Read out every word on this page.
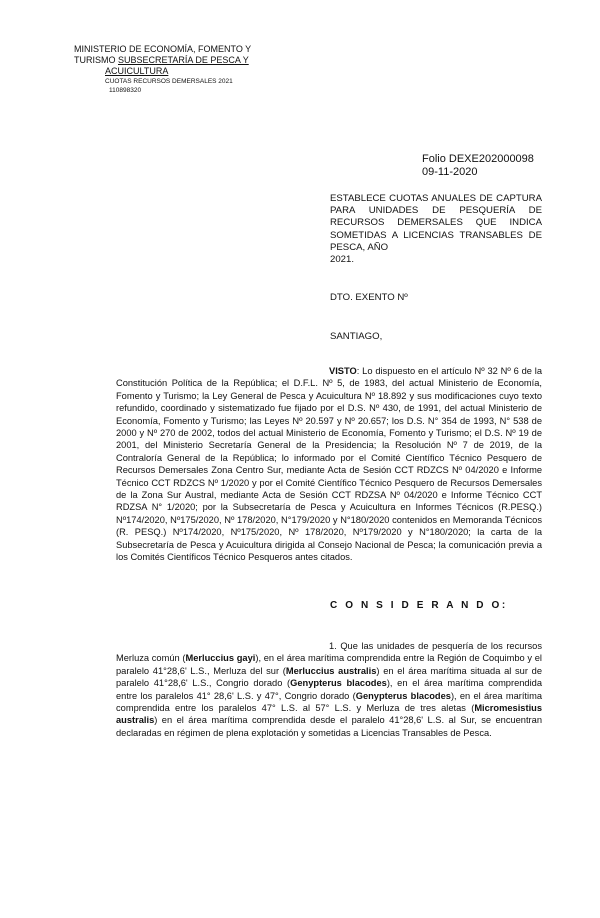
MINISTERIO DE ECONOMÍA, FOMENTO Y
TURISMO SUBSECRETARÍA DE PESCA Y
ACUICULTURA
CUOTAS RECURSOS DEMERSALES 2021
110898320
Folio DEXE202000098
09-11-2020
ESTABLECE CUOTAS ANUALES DE CAPTURA PARA UNIDADES DE PESQUERÍA DE RECURSOS DEMERSALES QUE INDICA SOMETIDAS A LICENCIAS TRANSABLES DE PESCA, AÑO
2021.
DTO. EXENTO Nº
SANTIAGO,
VISTO: Lo dispuesto en el artículo Nº 32 Nº 6 de la Constitución Política de la República; el D.F.L. Nº 5, de 1983, del actual Ministerio de Economía, Fomento y Turismo; la Ley General de Pesca y Acuicultura Nº 18.892 y sus modificaciones cuyo texto refundido, coordinado y sistematizado fue fijado por el D.S. Nº 430, de 1991, del actual Ministerio de Economía, Fomento y Turismo; las Leyes Nº 20.597 y Nº 20.657; los D.S. N° 354 de 1993, N° 538 de 2000 y Nº 270 de 2002, todos del actual Ministerio de Economía, Fomento y Turismo; el D.S. Nº 19 de 2001, del Ministerio Secretaría General de la Presidencia; la Resolución Nº 7 de 2019, de la Contraloría General de la República; lo informado por el Comité Científico Técnico Pesquero de Recursos Demersales Zona Centro Sur, mediante Acta de Sesión CCT RDZCS Nº 04/2020 e Informe Técnico CCT RDZCS Nº 1/2020 y por el Comité Científico Técnico Pesquero de Recursos Demersales de la Zona Sur Austral, mediante Acta de Sesión CCT RDZSA Nº 04/2020 e Informe Técnico CCT RDZSA N° 1/2020; por la Subsecretaría de Pesca y Acuicultura en Informes Técnicos (R.PESQ.) Nº174/2020, Nº175/2020, Nº 178/2020, N°179/2020 y N°180/2020 contenidos en Memoranda Técnicos (R. PESQ.) Nº174/2020, Nº175/2020, Nº 178/2020, Nº179/2020 y N°180/2020; la carta de la Subsecretaría de Pesca y Acuicultura dirigida al Consejo Nacional de Pesca; la comunicación previa a los Comités Científicos Técnico Pesqueros antes citados.
C O N S I D E R A N D O:
1. Que las unidades de pesquería de los recursos Merluza común (Merluccius gayi), en el área marítima comprendida entre la Región de Coquimbo y el paralelo 41°28,6' L.S., Merluza del sur (Merluccius australis) en el área marítima situada al sur de paralelo 41°28,6' L.S., Congrio dorado (Genypterus blacodes), en el área marítima comprendida entre los paralelos 41° 28,6' L.S. y 47°, Congrio dorado (Genypterus blacodes), en el área marítima comprendida entre los paralelos 47° L.S. al 57° L.S. y Merluza de tres aletas (Micromesistius australis) en el área marítima comprendida desde el paralelo 41°28,6' L.S. al Sur, se encuentran declaradas en régimen de plena explotación y sometidas a Licencias Transables de Pesca.
